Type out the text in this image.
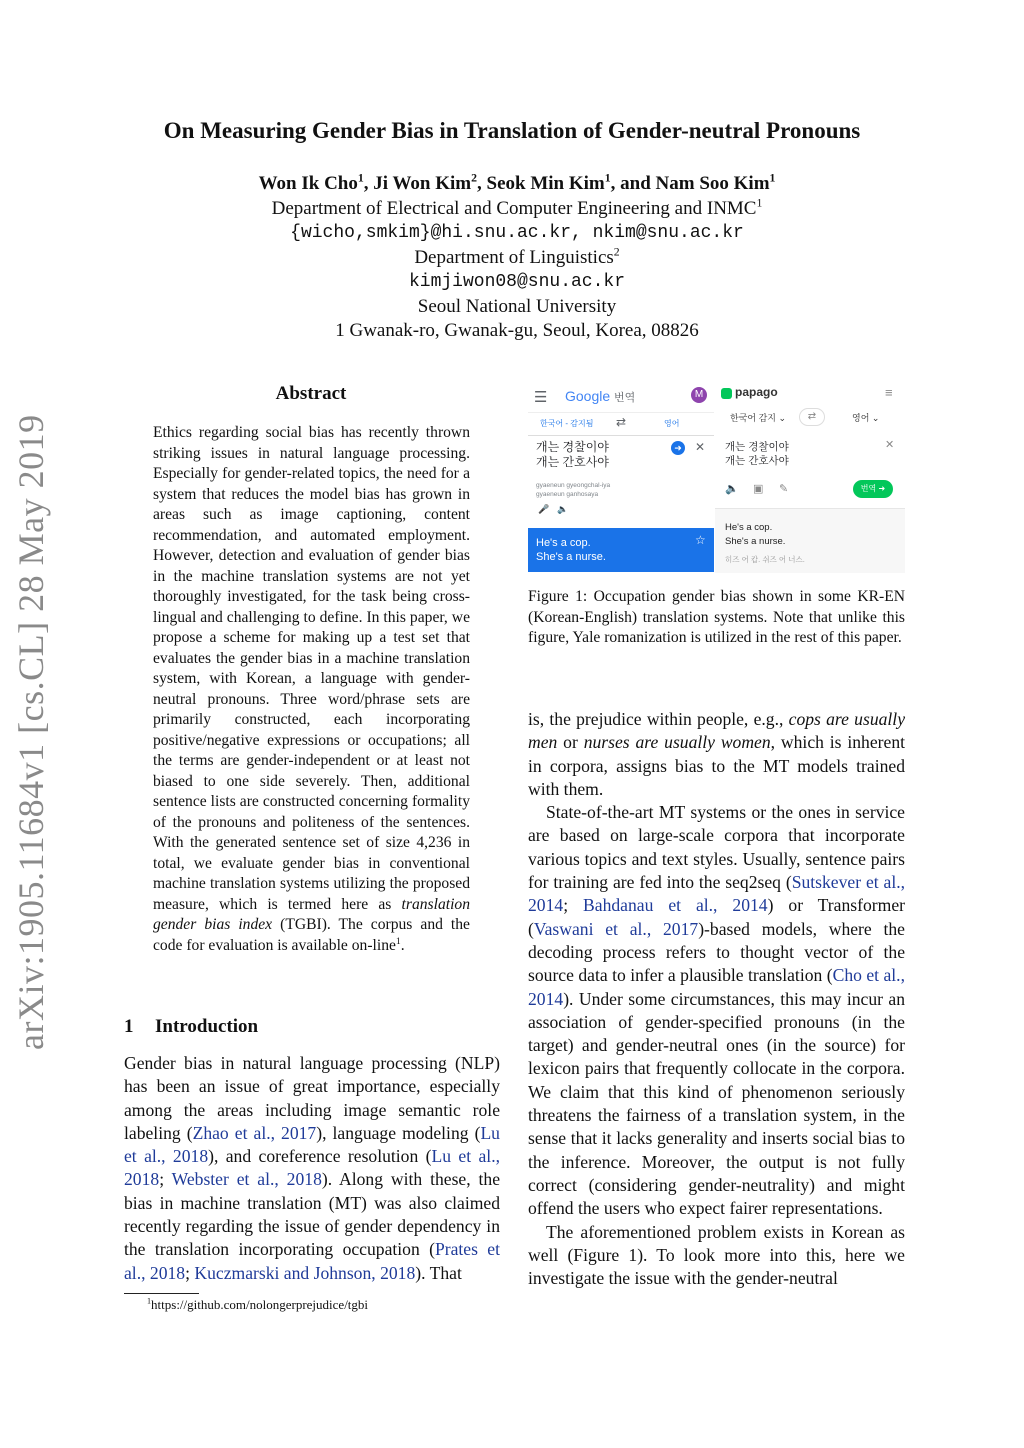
On Measuring Gender Bias in Translation of Gender-neutral Pronouns
Won Ik Cho$^1$, Ji Won Kim$^2$, Seok Min Kim$^1$, and Nam Soo Kim$^1$
Department of Electrical and Computer Engineering and INMC$^1$
{wicho,smkim}@hi.snu.ac.kr, nkim@snu.ac.kr
Department of Linguistics$^2$
kimjiwon08@snu.ac.kr
Seoul National University
1 Gwanak-ro, Gwanak-gu, Seoul, Korea, 08826
arXiv:1905.11684v1 [cs.CL] 28 May 2019
Abstract
Ethics regarding social bias has recently thrown striking issues in natural language processing. Especially for gender-related topics, the need for a system that reduces the model bias has grown in areas such as image captioning, content recommendation, and automated employment. However, detection and evaluation of gender bias in the machine translation systems are not yet thoroughly investigated, for the task being cross-lingual and challenging to define. In this paper, we propose a scheme for making up a test set that evaluates the gender bias in a machine translation system, with Korean, a language with gender-neutral pronouns. Three word/phrase sets are primarily constructed, each incorporating positive/negative expressions or occupations; all the terms are gender-independent or at least not biased to one side severely. Then, additional sentence lists are constructed concerning formality of the pronouns and politeness of the sentences. With the generated sentence set of size 4,236 in total, we evaluate gender bias in conventional machine translation systems utilizing the proposed measure, which is termed here as translation gender bias index (TGBI). The corpus and the code for evaluation is available on-line$^1$.
1 Introduction
Gender bias in natural language processing (NLP) has been an issue of great importance, especially among the areas including image semantic role labeling (Zhao et al., 2017), language modeling (Lu et al., 2018), and coreference resolution (Lu et al., 2018; Webster et al., 2018). Along with these, the bias in machine translation (MT) was also claimed recently regarding the issue of gender dependency in the translation incorporating occupation (Prates et al., 2018; Kuczmarski and Johnson, 2018). That
$^1$https://github.com/nolongerprejudice/tgbi
☰ Google 번역	M
한국어 - 감지됨 ⇄	영어
개는 경찰이야
개는 간호사야
➜ ✕
gyaeneun gyeongchal-iya
gyaeneun ganhosaya
🎤 🔈
He's a cop.
She's a nurse.
☆
papago	≡
한국어 감지 ⌄	⇄	영어 ⌄
개는 경찰이야
개는 간호사야
✕
🔈 ▣ ✎	번역 ➜
He's a cop.
She's a nurse.
히즈 어 캅. 쉬즈 어 너스.
Figure 1: Occupation gender bias shown in some KR-EN (Korean-English) translation systems. Note that unlike this figure, Yale romanization is utilized in the rest of this paper.

is, the prejudice within people, e.g., cops are usually men or nurses are usually women, which is inherent in corpora, assigns bias to the MT models trained with them.

State-of-the-art MT systems or the ones in service are based on large-scale corpora that incorporate various topics and text styles. Usually, sentence pairs for training are fed into the seq2seq (Sutskever et al., 2014; Bahdanau et al., 2014) or Transformer (Vaswani et al., 2017)-based models, where the decoding process refers to thought vector of the source data to infer a plausible translation (Cho et al., 2014). Under some circumstances, this may incur an association of gender-specified pronouns (in the target) and gender-neutral ones (in the source) for lexicon pairs that frequently collocate in the corpora. We claim that this kind of phenomenon seriously threatens the fairness of a translation system, in the sense that it lacks generality and inserts social bias to the inference. Moreover, the output is not fully correct (considering gender-neutrality) and might offend the users who expect fairer representations.

The aforementioned problem exists in Korean as well (Figure 1). To look more into this, here we investigate the issue with the gender-neutral
